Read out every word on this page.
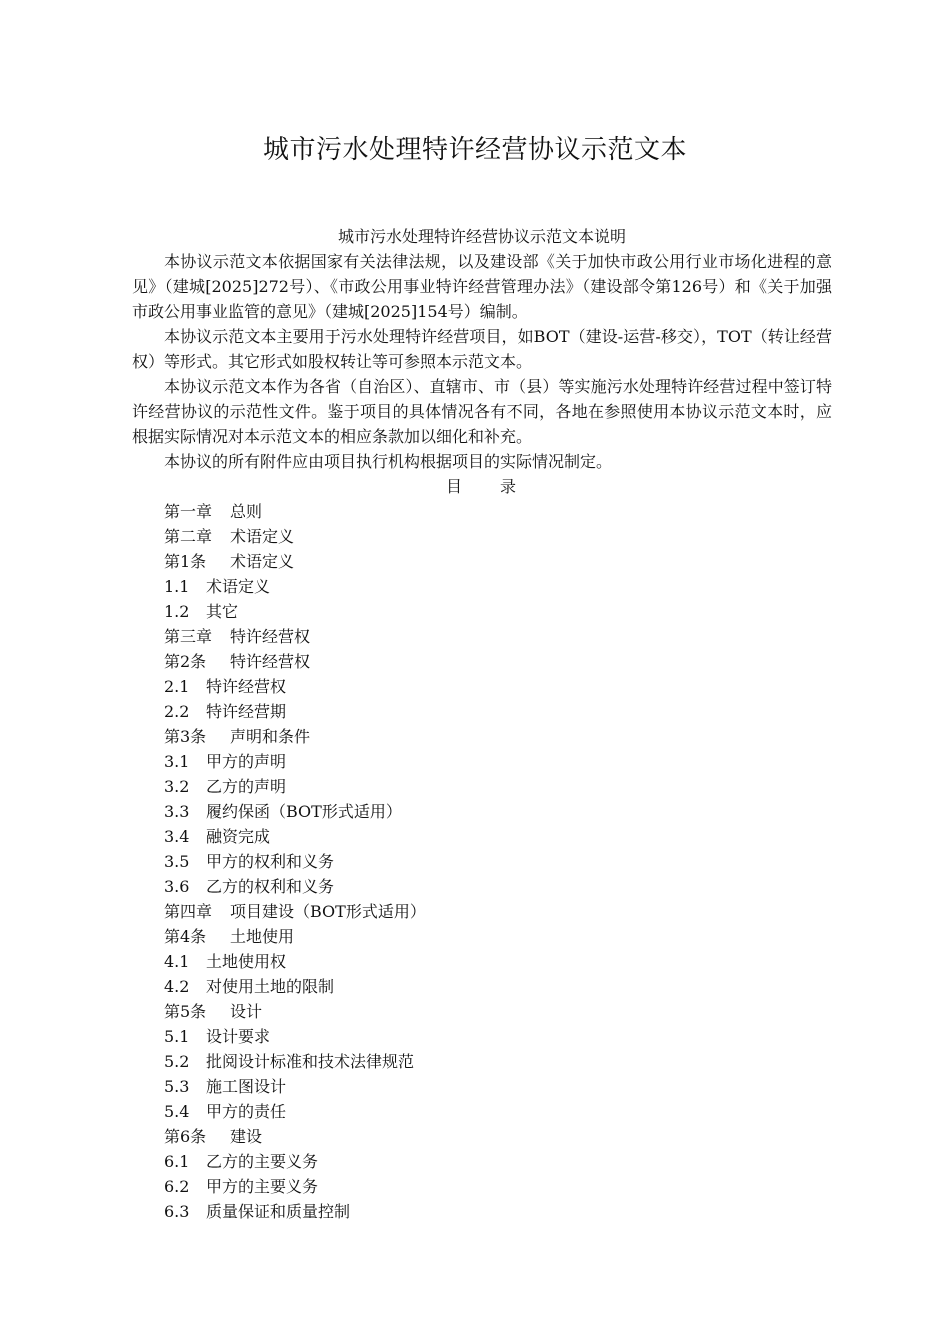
城市污水处理特许经营协议示范文本

城市污水处理特许经营协议示范文本说明

本协议示范文本依据国家有关法律法规，以及建设部《关于加快市政公用行业市场化进程的意见》（建城[2025]272号）、《市政公用事业特许经营管理办法》（建设部令第126号）和《关于加强市政公用事业监管的意见》（建城[2025]154号）编制。

本协议示范文本主要用于污水处理特许经营项目，如BOT（建设-运营-移交），TOT（转让经营权）等形式。其它形式如股权转让等可参照本示范文本。

本协议示范文本作为各省（自治区）、直辖市、市（县）等实施污水处理特许经营过程中签订特许经营协议的示范性文件。鉴于项目的具体情况各有不同，各地在参照使用本协议示范文本时，应根据实际情况对本示范文本的相应条款加以细化和补充。

本协议的所有附件应由项目执行机构根据项目的实际情况制定。

目　　 录

第一章 总则
第二章 术语定义
第1条 术语定义
1.1 术语定义
1.2 其它
第三章 特许经营权
第2条 特许经营权
2.1 特许经营权
2.2 特许经营期
第3条 声明和条件
3.1 甲方的声明
3.2 乙方的声明
3.3 履约保函（BOT形式适用）
3.4 融资完成
3.5 甲方的权利和义务
3.6 乙方的权利和义务
第四章 项目建设（BOT形式适用）
第4条 土地使用
4.1 土地使用权
4.2 对使用土地的限制
第5条 设计
5.1 设计要求
5.2 批阅设计标准和技术法律规范
5.3 施工图设计
5.4 甲方的责任
第6条 建设
6.1 乙方的主要义务
6.2 甲方的主要义务
6.3 质量保证和质量控制
